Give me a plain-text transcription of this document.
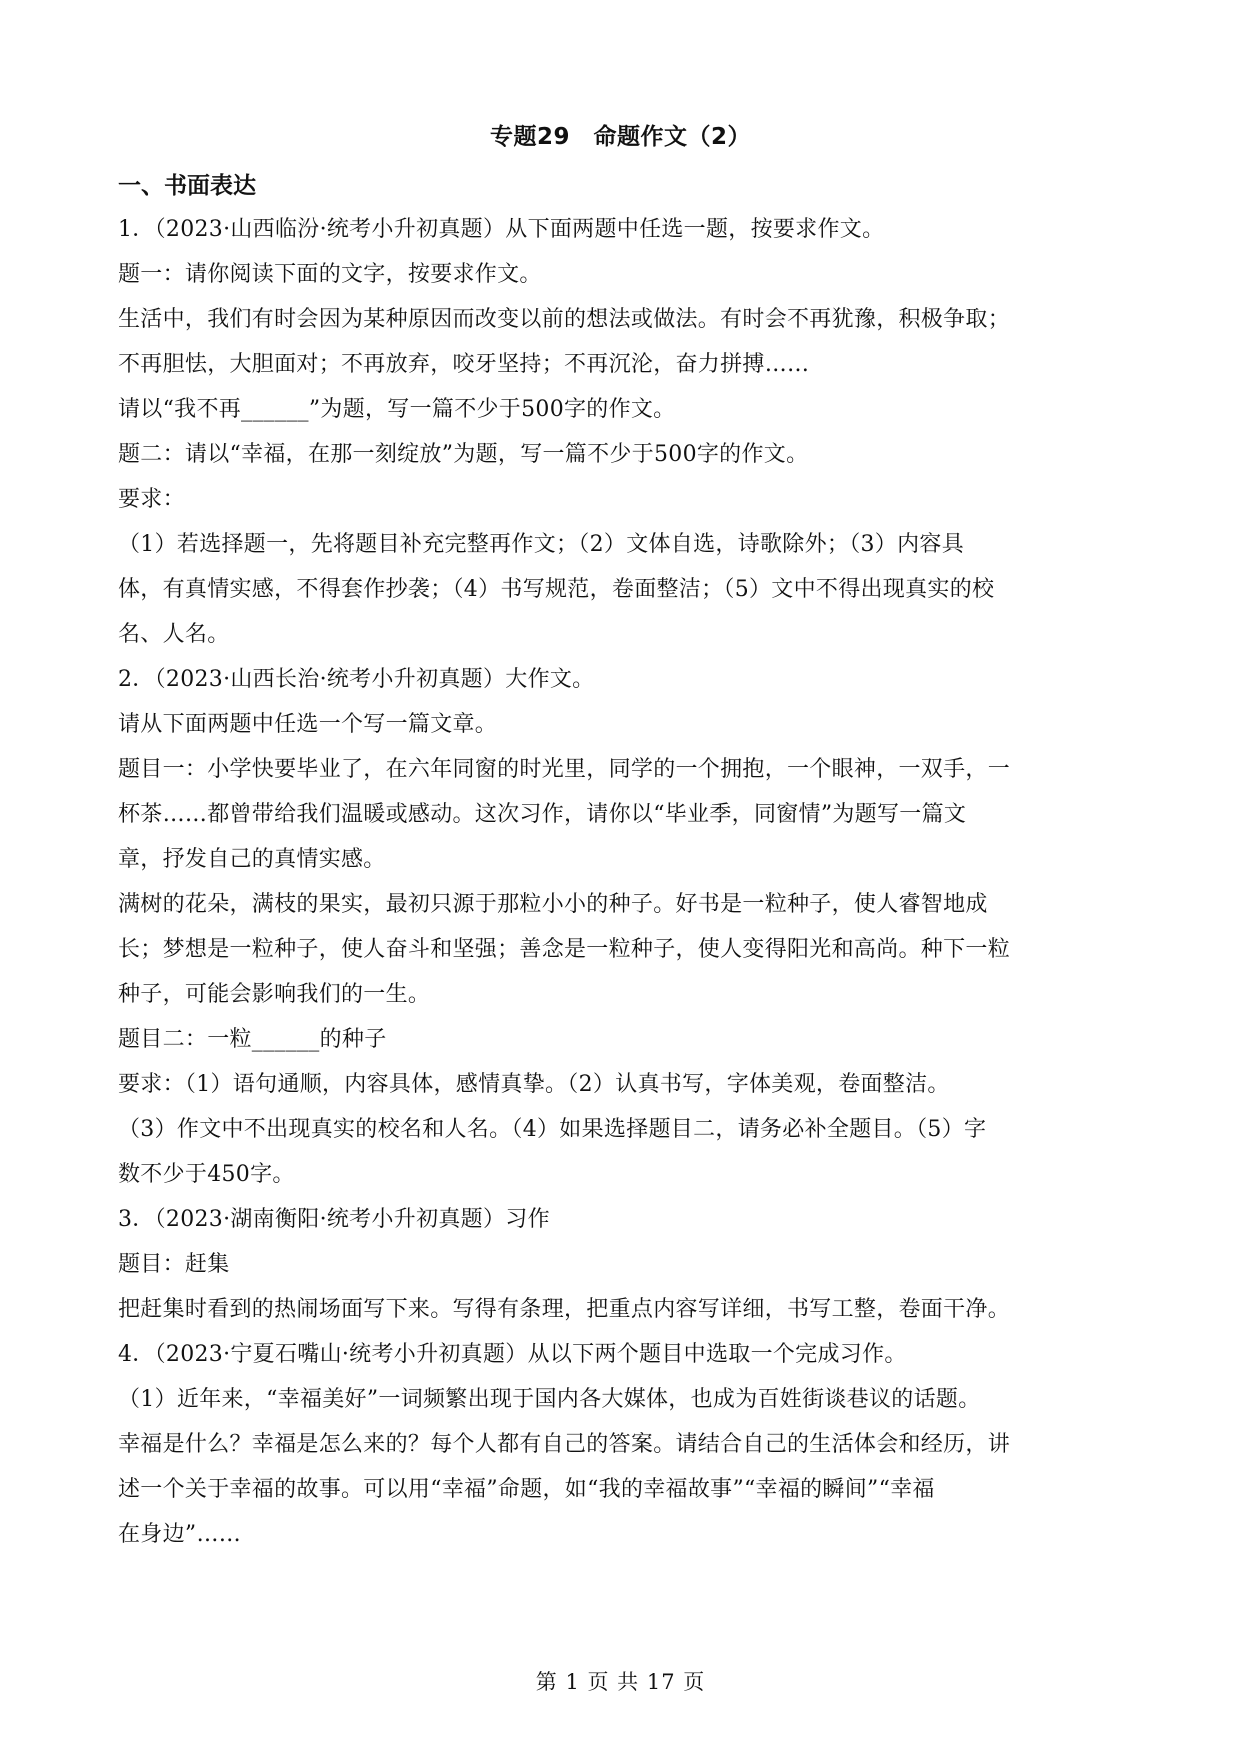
专题29　命题作文（2）
一、书面表达
1．（2023·山西临汾·统考小升初真题）从下面两题中任选一题，按要求作文。
题一：请你阅读下面的文字，按要求作文。
生活中，我们有时会因为某种原因而改变以前的想法或做法。有时会不再犹豫，积极争取；
不再胆怯，大胆面对；不再放弃，咬牙坚持；不再沉沦，奋力拼搏……
请以“我不再______”为题，写一篇不少于500字的作文。
题二：请以“幸福，在那一刻绽放”为题，写一篇不少于500字的作文。
要求：
（1）若选择题一，先将题目补充完整再作文；（2）文体自选，诗歌除外；（3）内容具
体，有真情实感，不得套作抄袭；（4）书写规范，卷面整洁；（5）文中不得出现真实的校
名、人名。
2．（2023·山西长治·统考小升初真题）大作文。
请从下面两题中任选一个写一篇文章。
题目一：小学快要毕业了，在六年同窗的时光里，同学的一个拥抱，一个眼神，一双手，一
杯茶……都曾带给我们温暖或感动。这次习作，请你以“毕业季，同窗情”为题写一篇文
章，抒发自己的真情实感。
满树的花朵，满枝的果实，最初只源于那粒小小的种子。好书是一粒种子，使人睿智地成
长；梦想是一粒种子，使人奋斗和坚强；善念是一粒种子，使人变得阳光和高尚。种下一粒
种子，可能会影响我们的一生。
题目二：一粒______的种子
要求：（1）语句通顺，内容具体，感情真挚。（2）认真书写，字体美观，卷面整洁。
（3）作文中不出现真实的校名和人名。（4）如果选择题目二，请务必补全题目。（5）字
数不少于450字。
3．（2023·湖南衡阳·统考小升初真题）习作
题目：赶集
把赶集时看到的热闹场面写下来。写得有条理，把重点内容写详细，书写工整，卷面干净。
4．（2023·宁夏石嘴山·统考小升初真题）从以下两个题目中选取一个完成习作。
（1）近年来，“幸福美好”一词频繁出现于国内各大媒体，也成为百姓街谈巷议的话题。
幸福是什么？幸福是怎么来的？每个人都有自己的答案。请结合自己的生活体会和经历，讲
述一个关于幸福的故事。可以用“幸福”命题，如“我的幸福故事”“幸福的瞬间”“幸福
在身边”……
第 1 页 共 17 页
